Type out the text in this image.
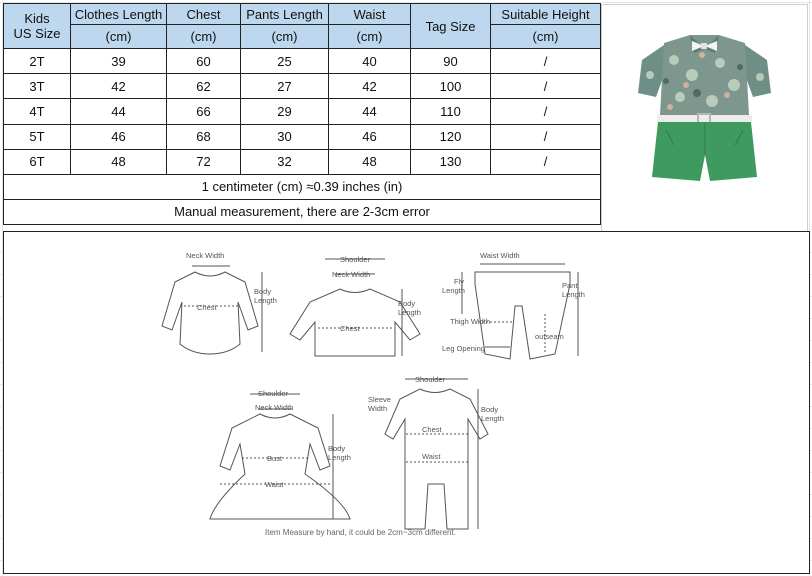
Kids
US Size	Clothes Length	Chest	Pants Length	Waist	Tag Size	Suitable Height
	(cm)	(cm)	(cm)	(cm)		(cm)
2T	39	60	25	40	90	/
3T	42	62	27	42	100	/
4T	44	66	29	44	110	/
5T	46	68	30	46	120	/
6T	48	72	32	48	130	/
1 centimeter (cm) ≈0.39 inches (in)						
Manual measurement, there are 2-3cm error						
Neck Width
Chest
Body
Length
Shoulder
Neck Width
Chest
Body
Length
Waist Width
Fly
Length
Thigh Width
Leg Opening
Pant
Length
outseam
Shoulder
Neck Width
Bust
Waist
Body
Length
Shoulder
Sleeve
Width
Chest
Waist
Body
Length
Item Measure by hand, it could be 2cm~3cm different.
